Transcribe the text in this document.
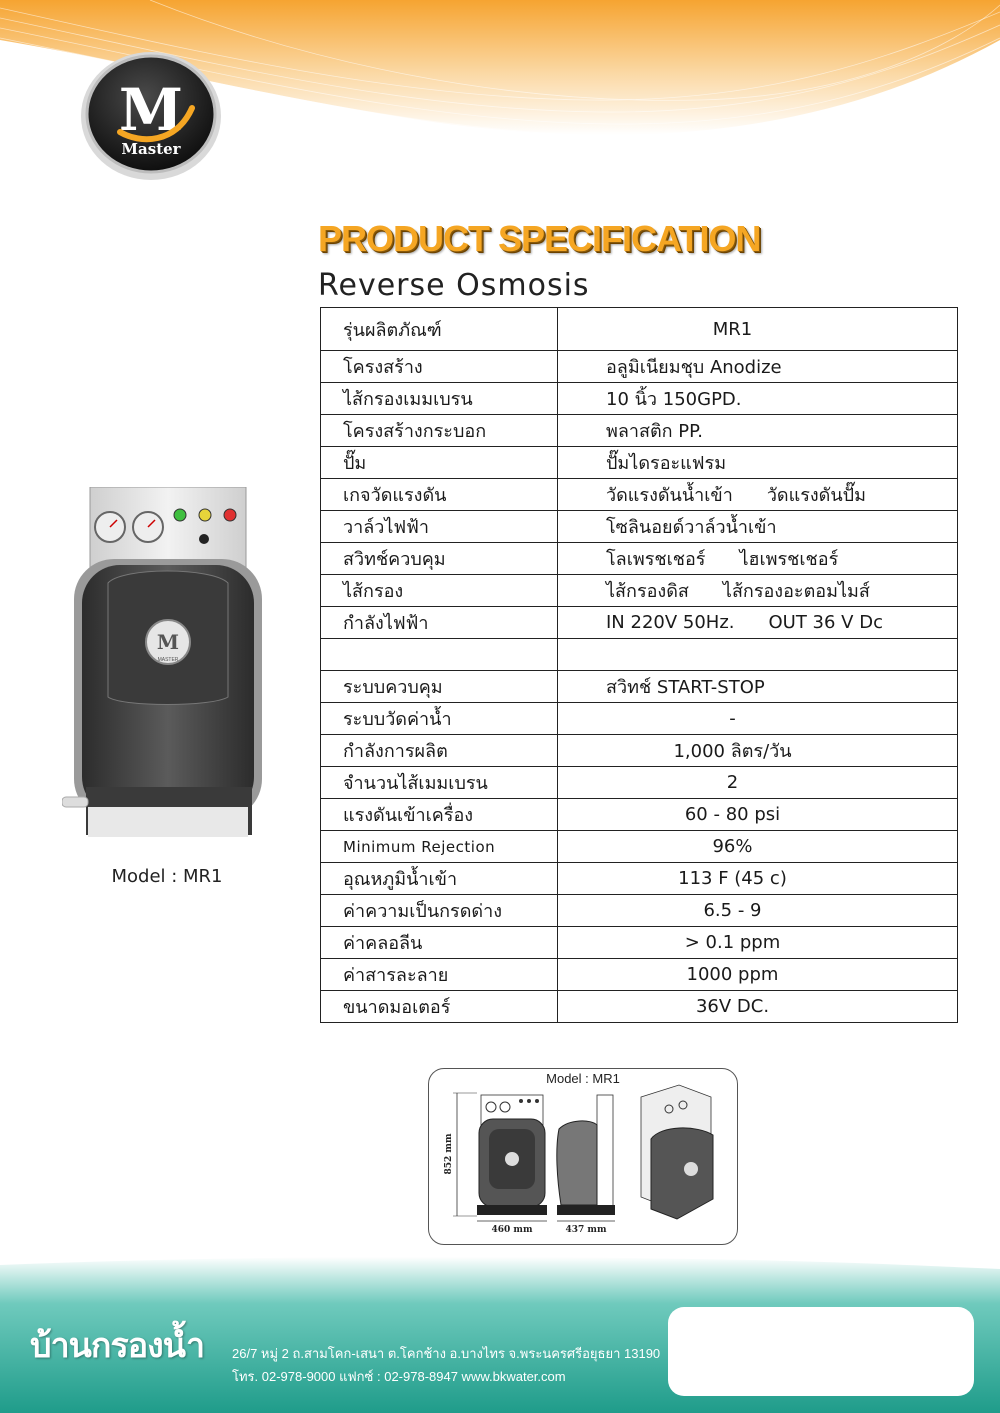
M
Master
PRODUCT SPECIFICATION
Reverse Osmosis
รุ่นผลิตภัณฑ์	MR1
โครงสร้าง	อลูมิเนียมชุบ Anodize
ไส้กรองเมมเบรน	10 นิ้ว 150GPD.
โครงสร้างกระบอก	พลาสติก PP.
ปั๊ม	ปั๊มไดรอะแฟรม
เกจวัดแรงดัน	วัดแรงดันน้ำเข้า วัดแรงดันปั๊ม
วาล์วไฟฟ้า	โซลินอยด์วาล์วน้ำเข้า
สวิทช์ควบคุม	โลเพรชเชอร์ ไฮเพรชเชอร์
ไส้กรอง	ไส้กรองดิส ไส้กรองอะตอมไมส์
กำลังไฟฟ้า	IN 220V 50Hz. OUT 36 V Dc

ระบบควบคุม	สวิทช์ START-STOP
ระบบวัดค่าน้ำ	-
กำลังการผลิต	1,000 ลิตร/วัน
จำนวนไส้เมมเบรน	2
แรงดันเข้าเครื่อง	60 - 80 psi
Minimum Rejection	96%
อุณหภูมิน้ำเข้า	113 F (45 c)
ค่าความเป็นกรดด่าง	6.5 - 9
ค่าคลอลีน	> 0.1 ppm
ค่าสารละลาย	1000 ppm
ขนาดมอเตอร์	36V DC.
M
MASTER
Model : MR1
Model : MR1
852 mm
460 mm	437 mm
บ้านกรองน้ำ 26/7 หมู่ 2 ถ.สามโคก-เสนา ต.โคกช้าง อ.บางไทร จ.พระนครศรีอยุธยา 13190
โทร. 02-978-9000 แฟกซ์ : 02-978-8947 www.bkwater.com
